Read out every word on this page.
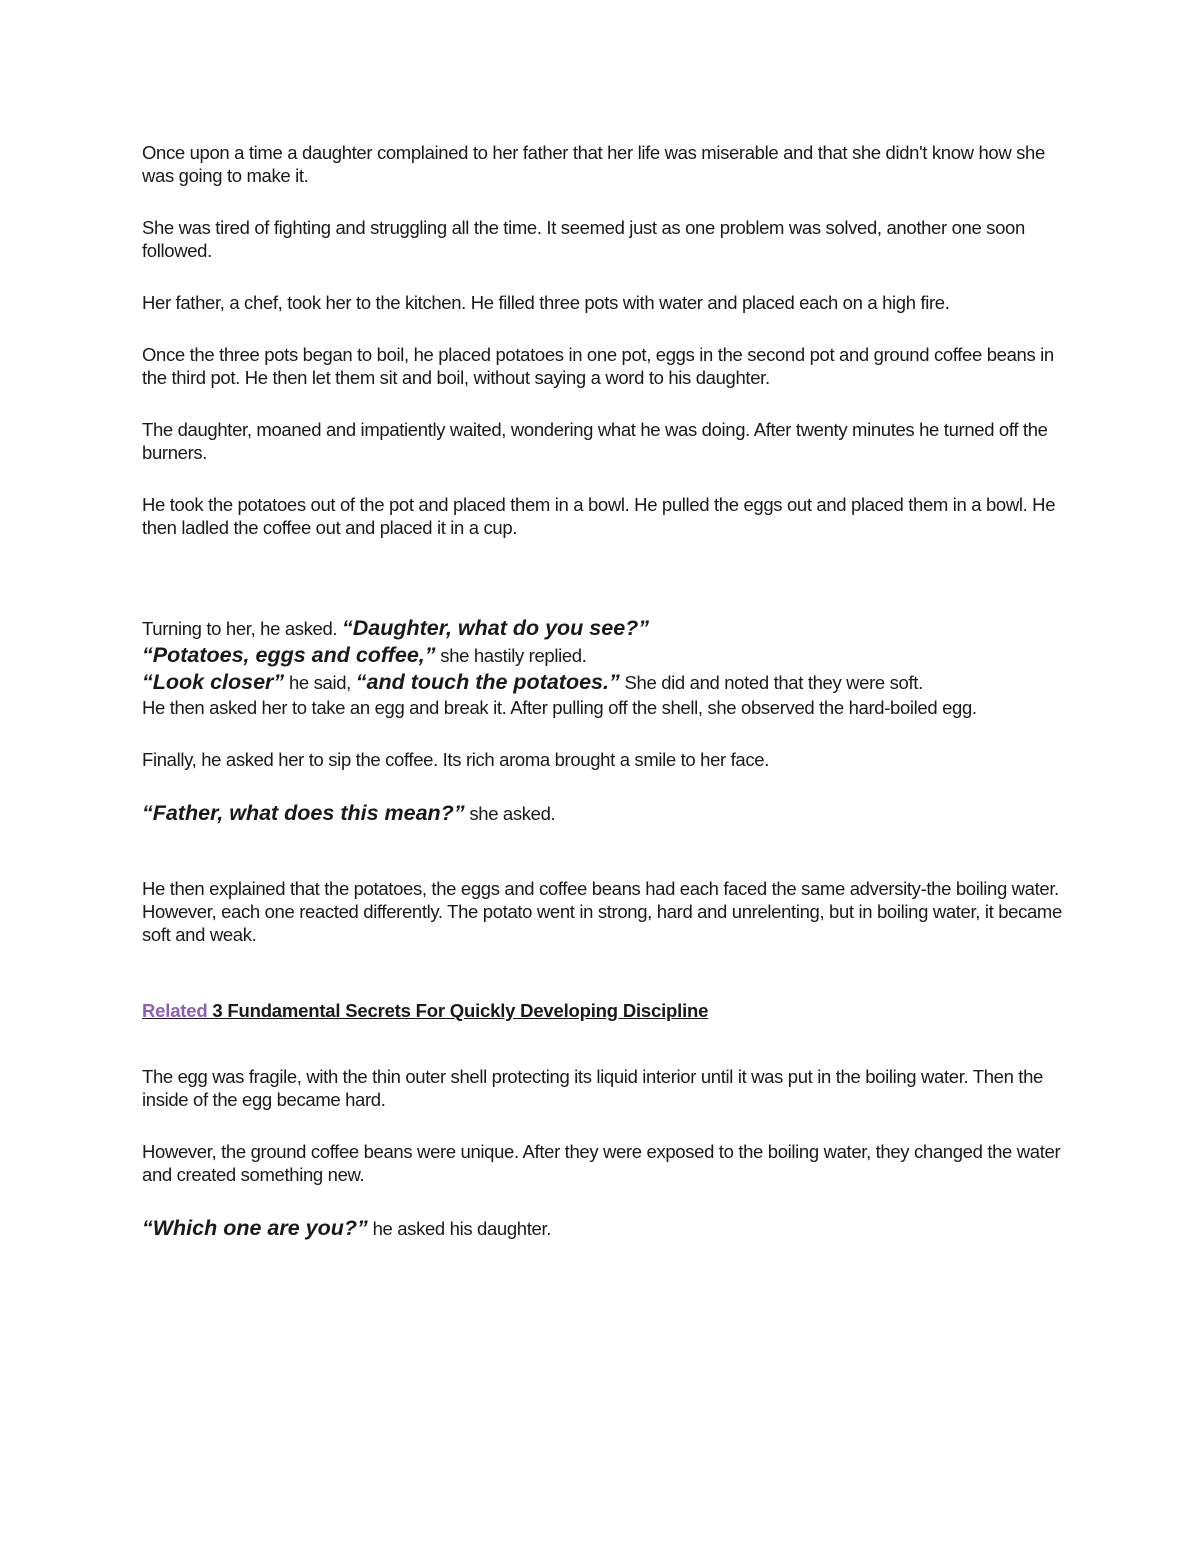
Once upon a time a daughter complained to her father that her life was miserable and that she didn't know how she was going to make it.

She was tired of fighting and struggling all the time. It seemed just as one problem was solved, another one soon followed.

Her father, a chef, took her to the kitchen. He filled three pots with water and placed each on a high fire.

Once the three pots began to boil, he placed potatoes in one pot, eggs in the second pot and ground coffee beans in the third pot. He then let them sit and boil, without saying a word to his daughter.

The daughter, moaned and impatiently waited, wondering what he was doing. After twenty minutes he turned off the burners.

He took the potatoes out of the pot and placed them in a bowl. He pulled the eggs out and placed them in a bowl. He then ladled the coffee out and placed it in a cup.

Turning to her, he asked. “Daughter, what do you see?”

“Potatoes, eggs and coffee,” she hastily replied.

“Look closer” he said, “and touch the potatoes.” She did and noted that they were soft.

He then asked her to take an egg and break it. After pulling off the shell, she observed the hard-boiled egg.

Finally, he asked her to sip the coffee. Its rich aroma brought a smile to her face.

“Father, what does this mean?” she asked.

He then explained that the potatoes, the eggs and coffee beans had each faced the same adversity-the boiling water. However, each one reacted differently. The potato went in strong, hard and unrelenting, but in boiling water, it became soft and weak.

Related 3 Fundamental Secrets For Quickly Developing Discipline

The egg was fragile, with the thin outer shell protecting its liquid interior until it was put in the boiling water. Then the inside of the egg became hard.

However, the ground coffee beans were unique. After they were exposed to the boiling water, they changed the water and created something new.

“Which one are you?” he asked his daughter.
